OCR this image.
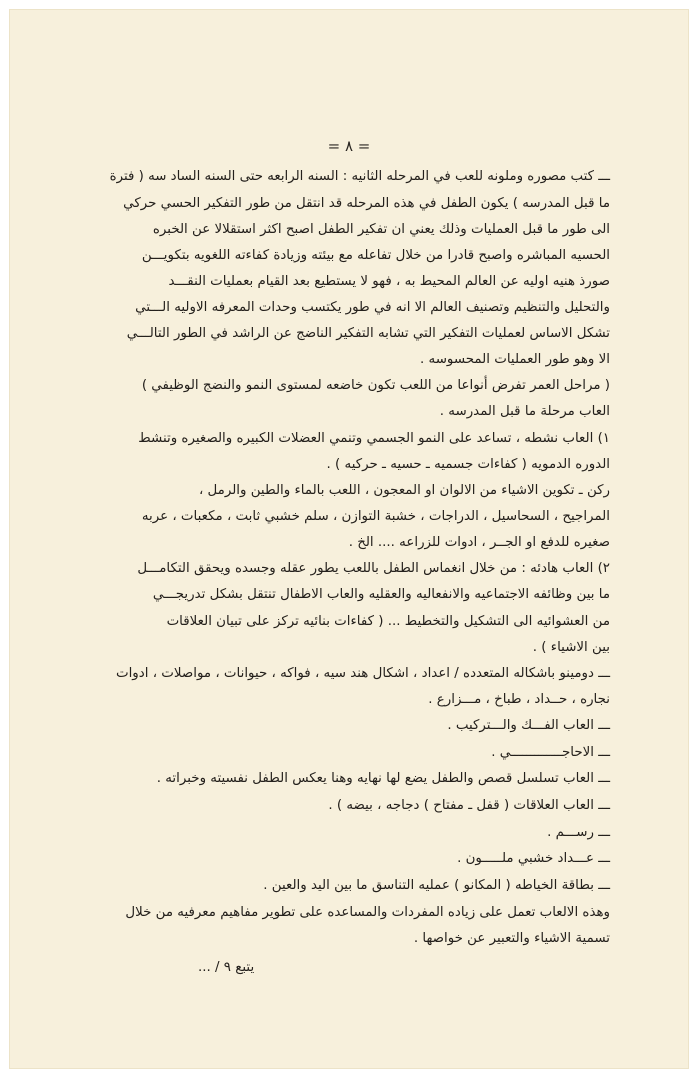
= ٨ =
ـــ كتب مصوره وملونه للعب في المرحله الثانيه : السنه الرابعه حتى السنه الساد سه ( فترة
ما قبل المدرسه ) يكون الطفل في هذه المرحله قد انتقل من طور التفكير الحسي حركي
الى طور ما قبل العمليات وذلك يعني ان تفكير الطفل اصبح اكثر استقلالا عن الخبره
الحسيه المباشره واصبح قادرا من خلال تفاعله مع بيئته وزيادة كفاءته اللغويه بتكويـــن
صورذ هنيه اوليه عن العالم المحيط به ، فهو لا يستطيع بعد القيام بعمليات النقـــد
والتحليل والتنظيم وتصنيف العالم الا انه في طور يكتسب وحدات المعرفه الاوليه الـــتي
تشكل الاساس لعمليات التفكير التي تشابه التفكير الناضج عن الراشد في الطور التالـــي
الا وهو طور العمليات المحسوسه .
( مراحل العمر تفرض أنواعا من اللعب تكون خاضعه لمستوى النمو والنضج الوظيفي )
العاب مرحلة ما قبل المدرسه .
١) العاب نشطه ، تساعد على النمو الجسمي وتنمي العضلات الكبيره والصغيره وتنشط
الدوره الدمويه ( كفاءات جسميه ـ حسيه ـ حركيه ) .
ركن ـ تكوين الاشياء من الالوان او المعجون ، اللعب بالماء والطين والرمل ،
المراجيح ، السحاسيل ، الدراجات ، خشبة التوازن ، سلم خشبي ثابت ، مكعبات ، عربه
صغيره للدفع او الجــر ، ادوات للزراعه .... الخ .
٢) العاب هادئه : من خلال انغماس الطفل باللعب يطور عقله وجسده ويحقق التكامـــل
ما بين وظائفه الاجتماعيه والانفعاليه والعقليه والعاب الاطفال تنتقل بشكل تدريجـــي
من العشوائيه الى التشكيل والتخطيط ... ( كفاءات بنائيه تركز على تبيان العلاقات
بين الاشياء ) .
ـــ دومينو باشكاله المتعدده / اعداد ، اشكال هند سيه ، فواكه ، حيوانات ، مواصلات ، ادوات
نجاره ، حــداد ، طباخ ، مـــزارع .
ـــ العاب الفـــك والـــتركيب .
ـــ الاحاجـــــــــــــي .
ـــ العاب تسلسل قصص والطفل يضع لها نهايه وهنا يعكس الطفل نفسيته وخبراته .
ـــ العاب العلاقات ( قفل ـ مفتاح ) دجاجه ، بيضه ) .
ـــ رســـم .
ـــ عـــداد خشبي ملـــــون .
ـــ بطاقة الخياطه ( المكانو ) عمليه التناسق ما بين اليد والعين .
وهذه الالعاب تعمل على زياده المفردات والمساعده على تطوير مفاهيم معرفيه من خلال
تسمية الاشياء والتعبير عن خواصها .
يتبع ٩ / ...
